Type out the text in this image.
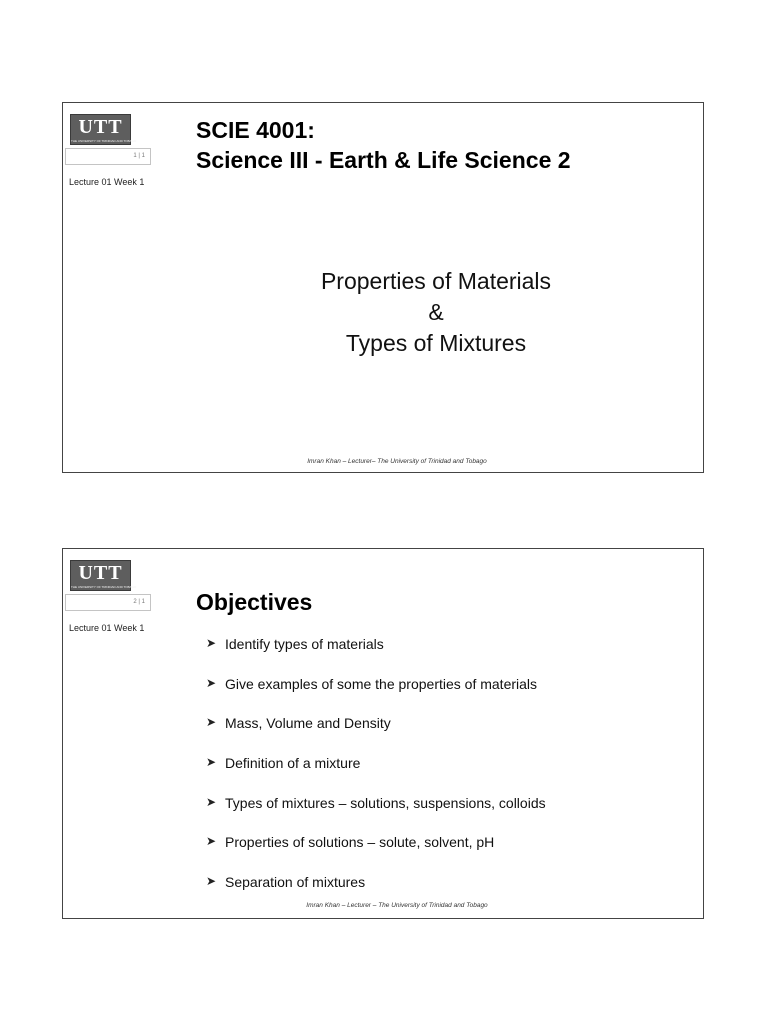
UTT
THE UNIVERSITY OF TRINIDAD AND TOBAGO
1 | 1
Lecture 01 Week 1
SCIE 4001:
Science III - Earth & Life Science 2
Properties of Materials
&
Types of Mixtures
Imran Khan – Lecturer– The University of Trinidad and Tobago
UTT
THE UNIVERSITY OF TRINIDAD AND TOBAGO
2 | 1
Lecture 01 Week 1
Objectives
➤ Identify types of materials
➤ Give examples of some the properties of materials
➤ Mass, Volume and Density
➤ Definition of a mixture
➤ Types of mixtures – solutions, suspensions, colloids
➤ Properties of solutions – solute, solvent, pH
➤ Separation of mixtures
Imran Khan – Lecturer – The University of Trinidad and Tobago
